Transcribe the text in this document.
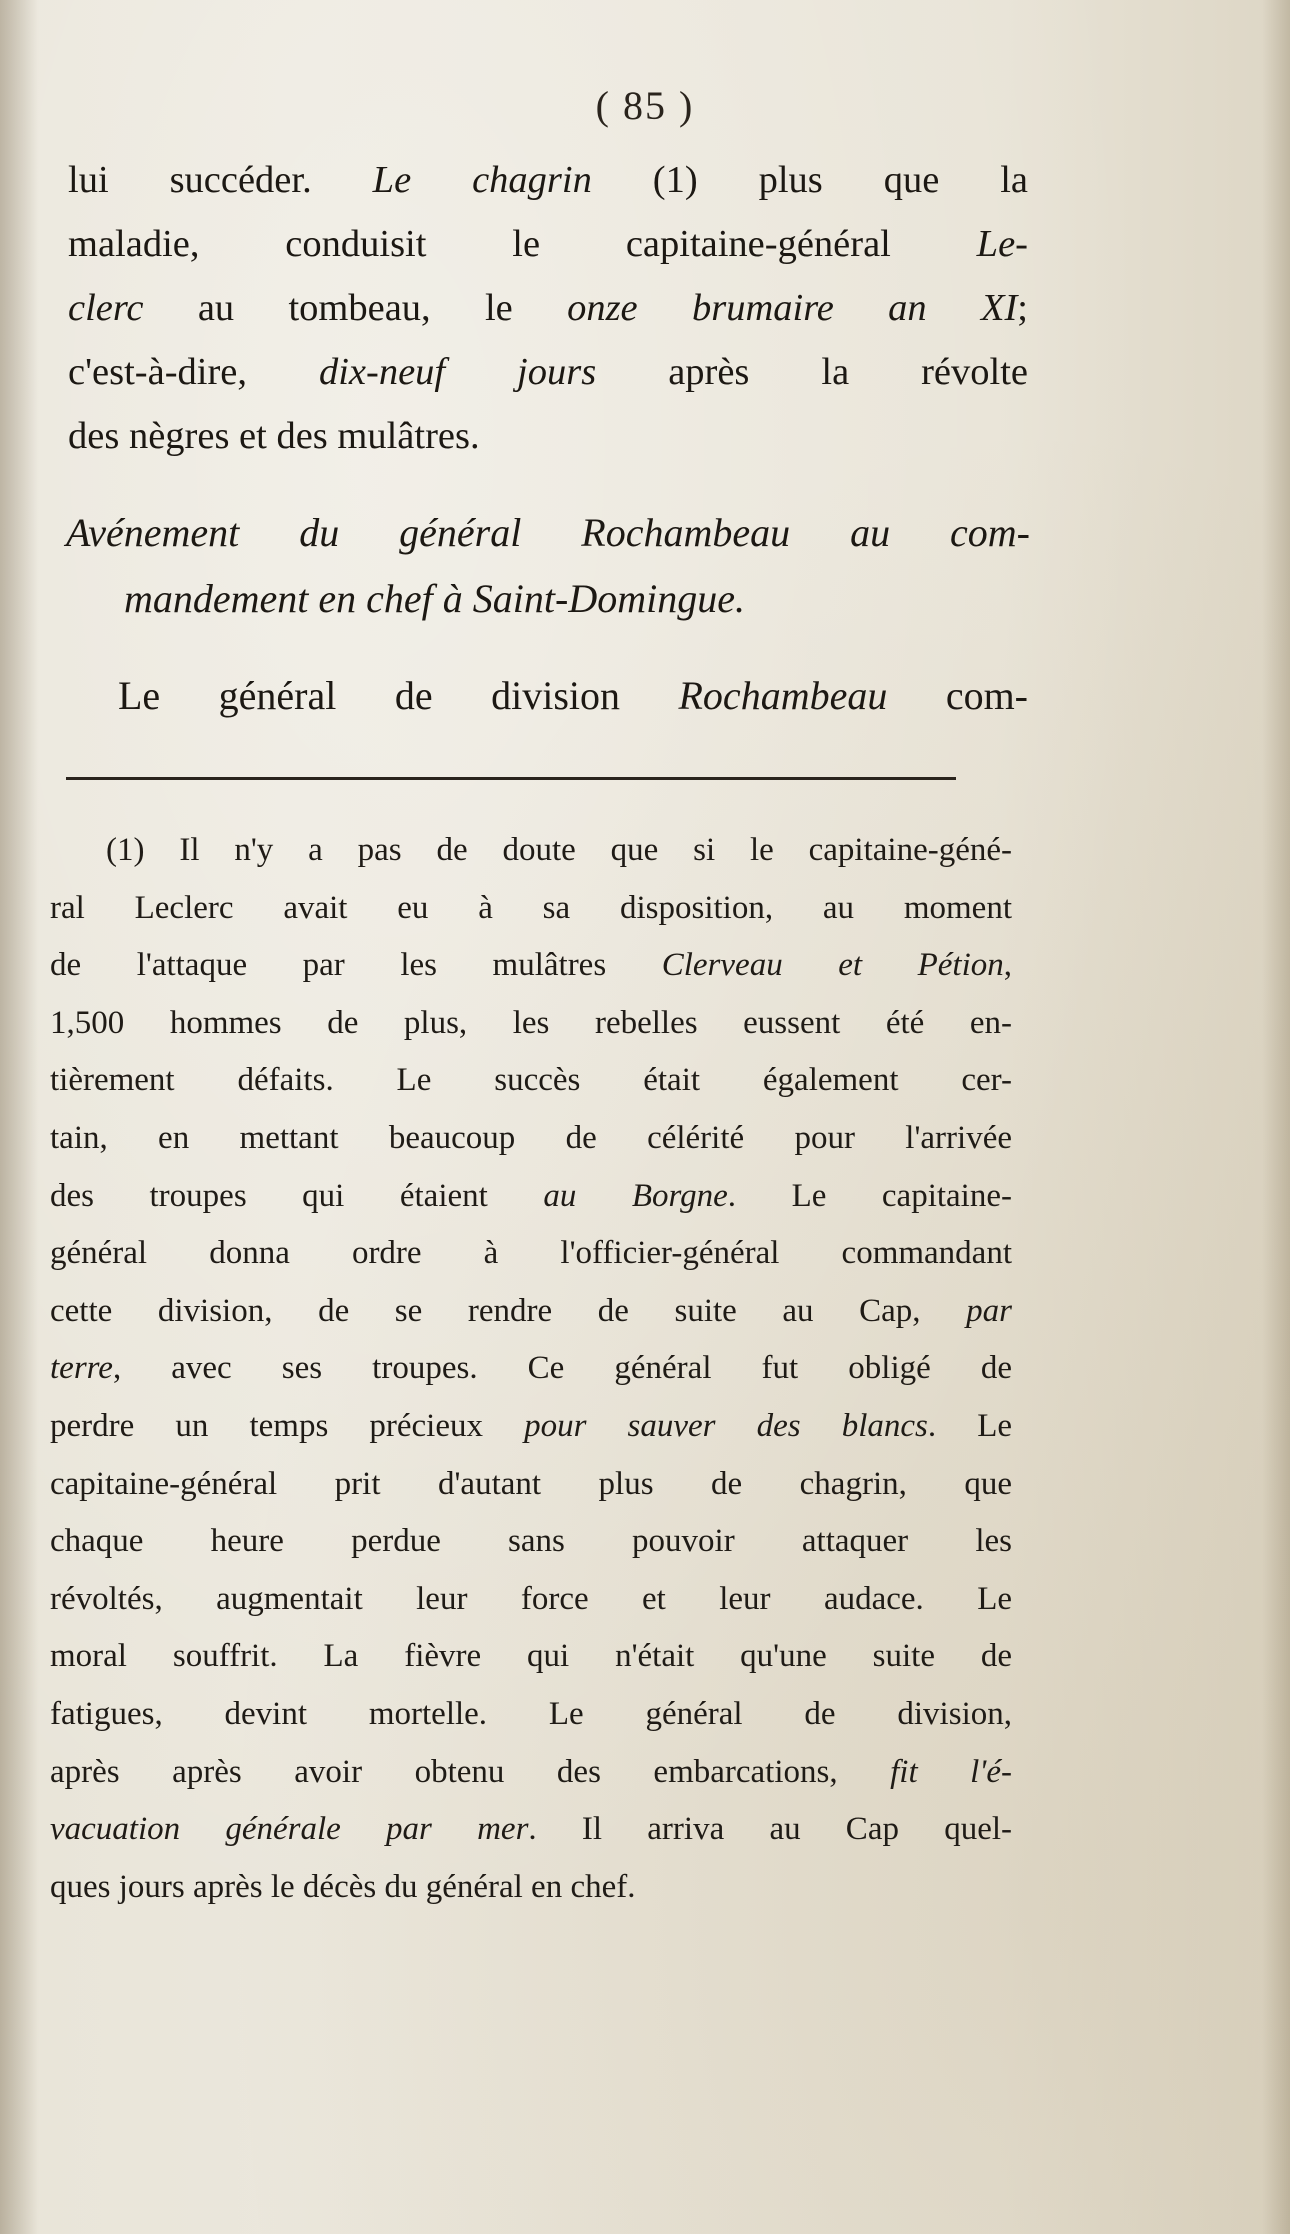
( 85 )
lui succéder. Le chagrin (1) plus que la
maladie, conduisit le capitaine-général Le-
clerc au tombeau, le onze brumaire an XI;
c'est-à-dire, dix-neuf jours après la révolte
des nègres et des mulâtres.
Avénement du général Rochambeau au com-
mandement en chef à Saint-Domingue.
Le général de division Rochambeau com-
(1) Il n'y a pas de doute que si le capitaine-géné-
ral Leclerc avait eu à sa disposition, au moment
de l'attaque par les mulâtres Clerveau et Pétion,
1,500 hommes de plus, les rebelles eussent été en-
tièrement défaits. Le succès était également cer-
tain, en mettant beaucoup de célérité pour l'arrivée
des troupes qui étaient au Borgne. Le capitaine-
général donna ordre à l'officier-général commandant
cette division, de se rendre de suite au Cap, par
terre, avec ses troupes. Ce général fut obligé de
perdre un temps précieux pour sauver des blancs. Le
capitaine-général prit d'autant plus de chagrin, que
chaque heure perdue sans pouvoir attaquer les
révoltés, augmentait leur force et leur audace. Le
moral souffrit. La fièvre qui n'était qu'une suite de
fatigues, devint mortelle. Le général de division,
après après avoir obtenu des embarcations, fit l'é-
vacuation générale par mer. Il arriva au Cap quel-
ques jours après le décès du général en chef.
